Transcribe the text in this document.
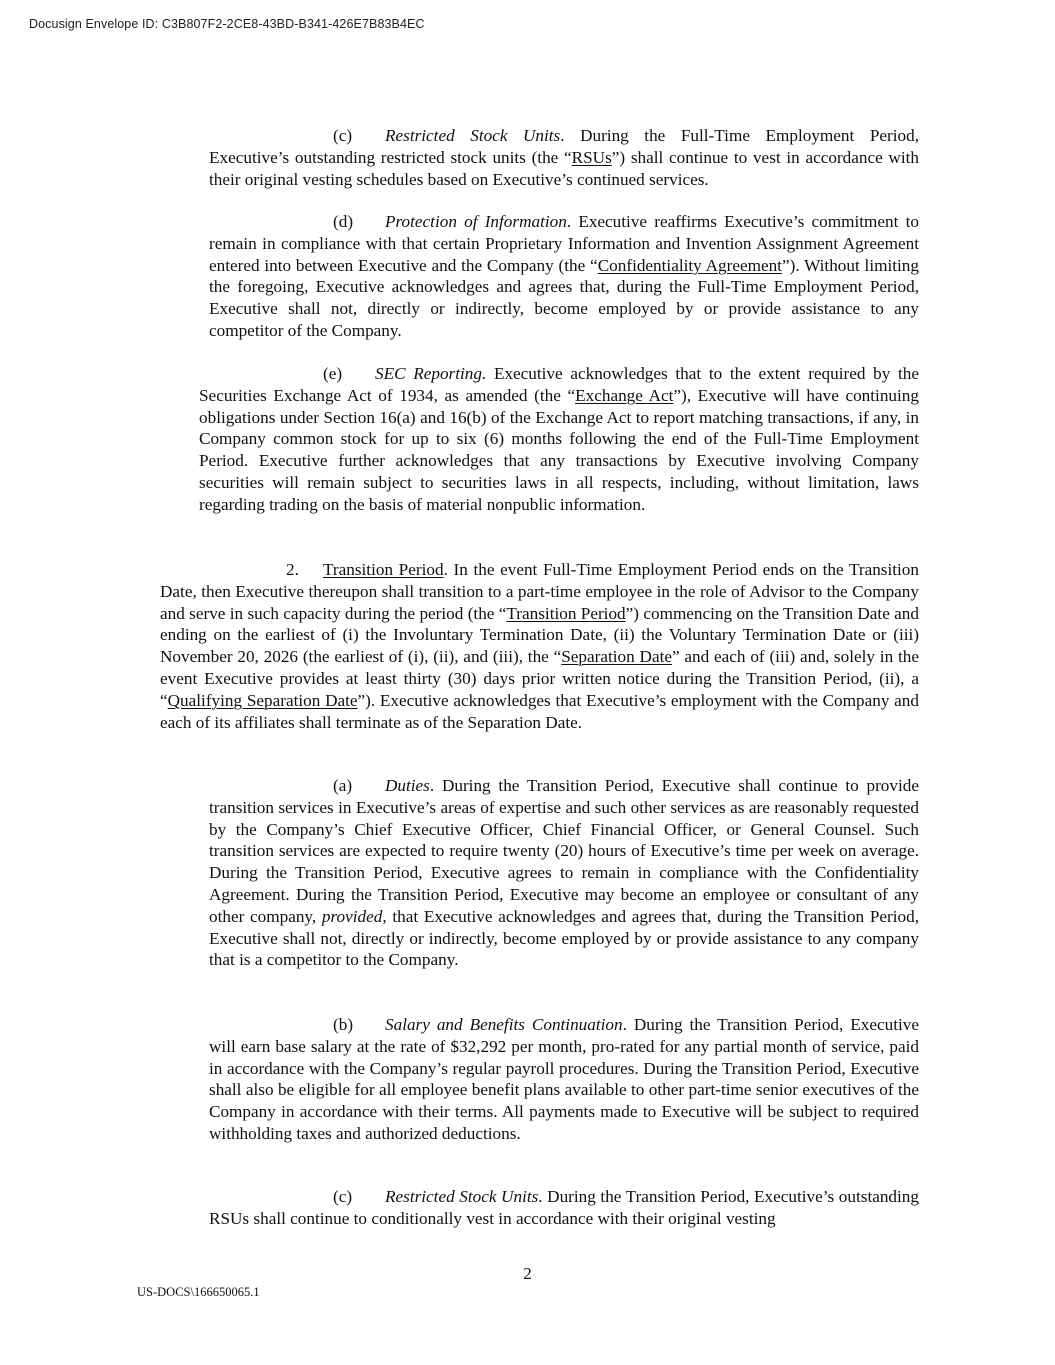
Docusign Envelope ID: C3B807F2-2CE8-43BD-B341-426E7B83B4EC

(c) Restricted Stock Units. During the Full-Time Employment Period, Executive’s outstanding restricted stock units (the “RSUs”) shall continue to vest in accordance with their original vesting schedules based on Executive’s continued services.

(d) Protection of Information. Executive reaffirms Executive’s commitment to remain in compliance with that certain Proprietary Information and Invention Assignment Agreement entered into between Executive and the Company (the “Confidentiality Agreement”). Without limiting the foregoing, Executive acknowledges and agrees that, during the Full-Time Employment Period, Executive shall not, directly or indirectly, become employed by or provide assistance to any competitor of the Company.

(e) SEC Reporting. Executive acknowledges that to the extent required by the Securities Exchange Act of 1934, as amended (the “Exchange Act”), Executive will have continuing obligations under Section 16(a) and 16(b) of the Exchange Act to report matching transactions, if any, in Company common stock for up to six (6) months following the end of the Full-Time Employment Period. Executive further acknowledges that any transactions by Executive involving Company securities will remain subject to securities laws in all respects, including, without limitation, laws regarding trading on the basis of material nonpublic information.

2. Transition Period. In the event Full-Time Employment Period ends on the Transition Date, then Executive thereupon shall transition to a part-time employee in the role of Advisor to the Company and serve in such capacity during the period (the “Transition Period”) commencing on the Transition Date and ending on the earliest of (i) the Involuntary Termination Date, (ii) the Voluntary Termination Date or (iii) November 20, 2026 (the earliest of (i), (ii), and (iii), the “Separation Date” and each of (iii) and, solely in the event Executive provides at least thirty (30) days prior written notice during the Transition Period, (ii), a “Qualifying Separation Date”). Executive acknowledges that Executive’s employment with the Company and each of its affiliates shall terminate as of the Separation Date.

(a) Duties. During the Transition Period, Executive shall continue to provide transition services in Executive’s areas of expertise and such other services as are reasonably requested by the Company’s Chief Executive Officer, Chief Financial Officer, or General Counsel. Such transition services are expected to require twenty (20) hours of Executive’s time per week on average. During the Transition Period, Executive agrees to remain in compliance with the Confidentiality Agreement. During the Transition Period, Executive may become an employee or consultant of any other company, provided, that Executive acknowledges and agrees that, during the Transition Period, Executive shall not, directly or indirectly, become employed by or provide assistance to any company that is a competitor to the Company.

(b) Salary and Benefits Continuation. During the Transition Period, Executive will earn base salary at the rate of $32,292 per month, pro-rated for any partial month of service, paid in accordance with the Company’s regular payroll procedures. During the Transition Period, Executive shall also be eligible for all employee benefit plans available to other part-time senior executives of the Company in accordance with their terms. All payments made to Executive will be subject to required withholding taxes and authorized deductions.

(c) Restricted Stock Units. During the Transition Period, Executive’s outstanding RSUs shall continue to conditionally vest in accordance with their original vesting

2
US-DOCS\166650065.1
